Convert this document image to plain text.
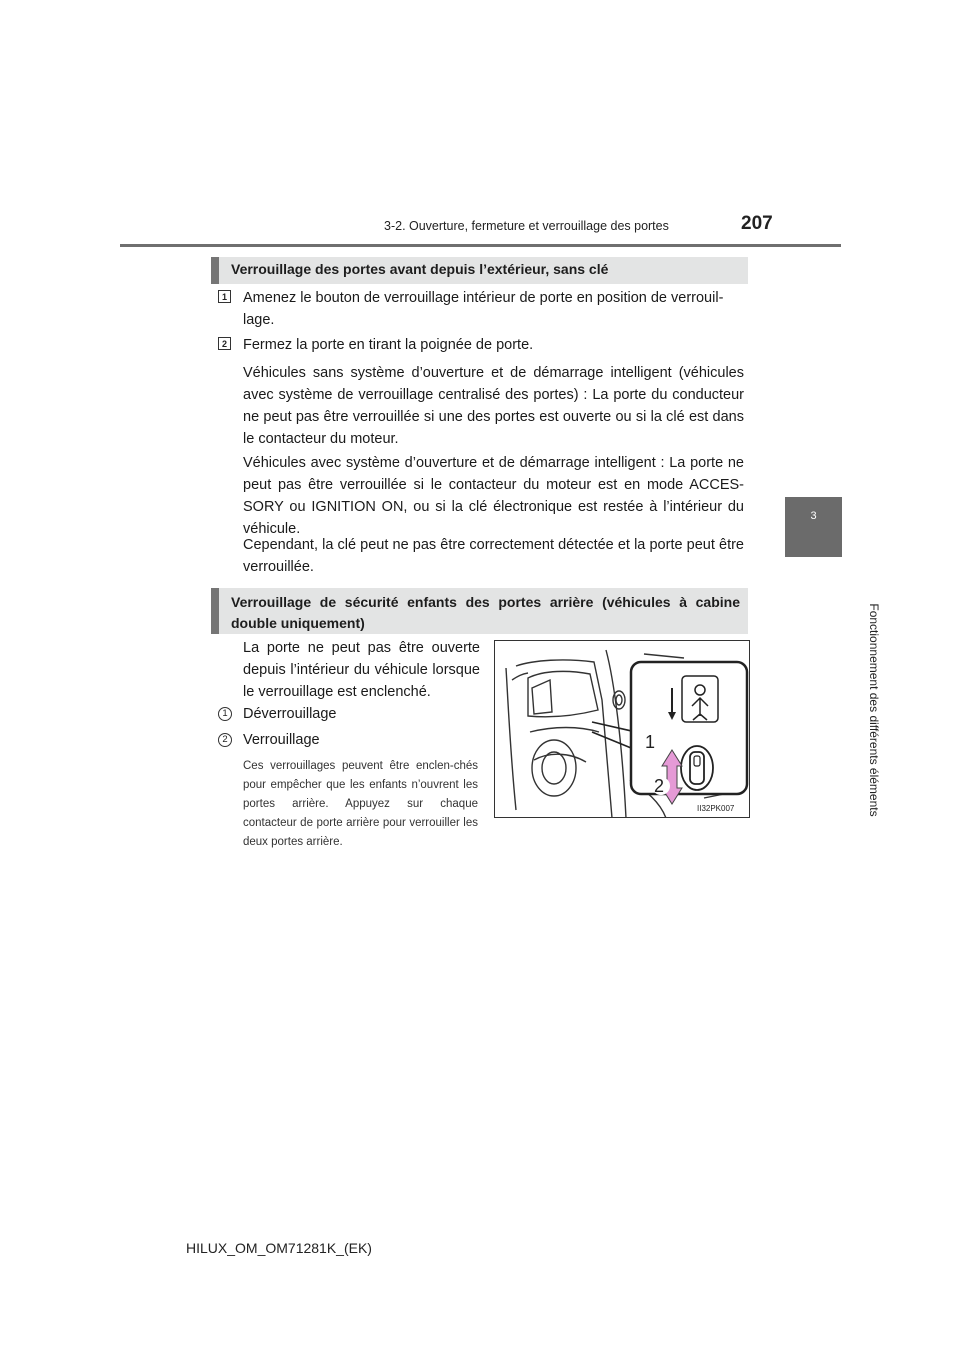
3-2. Ouverture, fermeture et verrouillage des portes	207
3
Fonctionnement des différents éléments
Verrouillage des portes avant depuis l’extérieur, sans clé
1 Amenez le bouton de verrouillage intérieur de porte en position de verrouil-
lage.
2 Fermez la porte en tirant la poignée de porte.
Véhicules sans système d’ouverture et de démarrage intelligent (véhicules avec système de verrouillage centralisé des portes) : La porte du conducteur ne peut pas être verrouillée si une des portes est ouverte ou si la clé est dans le contacteur du moteur.
Véhicules avec système d’ouverture et de démarrage intelligent : La porte ne peut pas être verrouillée si le contacteur du moteur est en mode ACCES-SORY ou IGNITION ON, ou si la clé électronique est restée à l’intérieur du véhicule.
Cependant, la clé peut ne pas être correctement détectée et la porte peut être verrouillée.
Verrouillage de sécurité enfants des portes arrière (véhicules à cabine double uniquement)
La porte ne peut pas être ouverte depuis l’intérieur du véhicule lorsque le verrouillage est enclenché.
1	Déverrouillage
2	Verrouillage
Ces verrouillages peuvent être enclen-chés pour empêcher que les enfants n’ouvrent les portes arrière. Appuyez sur chaque contacteur de porte arrière pour verrouiller les deux portes arrière.
1
2
II32PK007
HILUX_OM_OM71281K_(EK)
